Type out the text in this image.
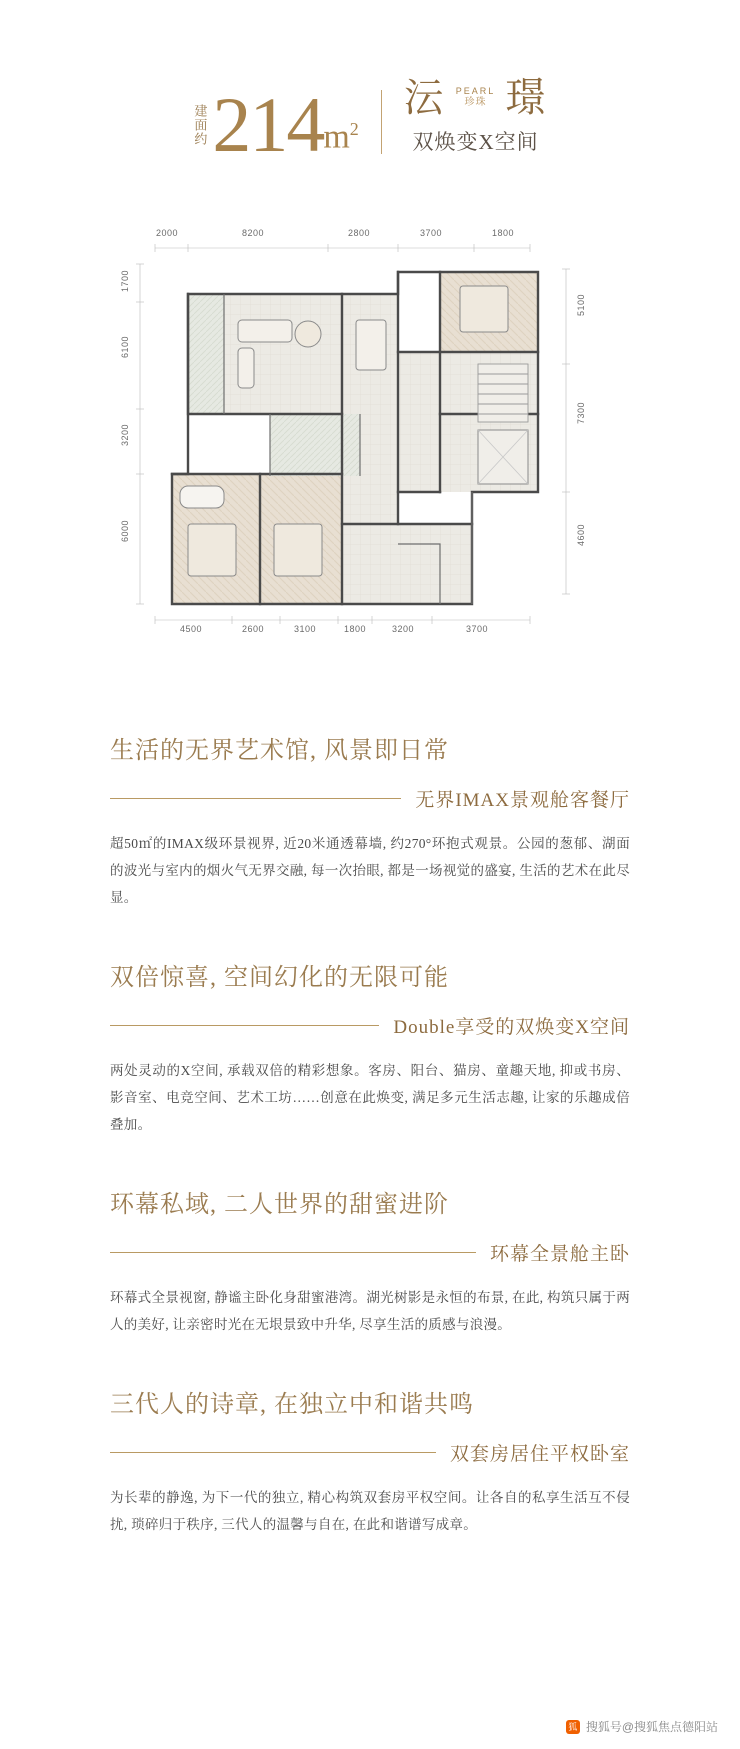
建面约 214 $m^2$
沄 PEARL
珍珠 璟
双焕变X空间
2000	8200	2800	3700	1800
1700
6100
3200
6000
5100
7300
4600
4500	2600	3100	1800	3200	3700
生活的无界艺术馆, 风景即日常
无界IMAX景观舱客餐厅

超50㎡的IMAX级环景视界, 近20米通透幕墙, 约270°环抱式观景。公园的葱郁、湖面的波光与室内的烟火气无界交融, 每一次抬眼, 都是一场视觉的盛宴, 生活的艺术在此尽显。

双倍惊喜, 空间幻化的无限可能
Double享受的双焕变X空间

两处灵动的X空间, 承载双倍的精彩想象。客房、阳台、猫房、童趣天地, 抑或书房、影音室、电竞空间、艺术工坊……创意在此焕变, 满足多元生活志趣, 让家的乐趣成倍叠加。

环幕私域, 二人世界的甜蜜进阶
环幕全景舱主卧

环幕式全景视窗, 静谧主卧化身甜蜜港湾。湖光树影是永恒的布景, 在此, 构筑只属于两人的美好, 让亲密时光在无垠景致中升华, 尽享生活的质感与浪漫。

三代人的诗章, 在独立中和谐共鸣
双套房居住平权卧室

为长辈的静逸, 为下一代的独立, 精心构筑双套房平权空间。让各自的私享生活互不侵扰, 琐碎归于秩序, 三代人的温馨与自在, 在此和谐谱写成章。

狐 搜狐号@搜狐焦点德阳站
